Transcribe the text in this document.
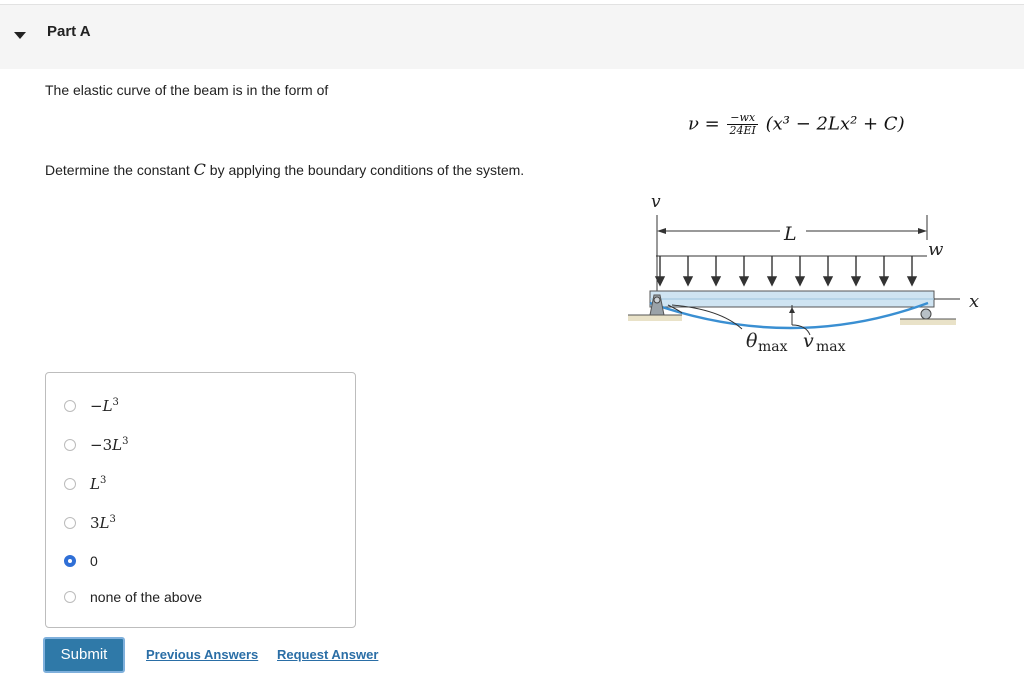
Part A
The elastic curve of the beam is in the form of
$\nu = \frac{-wx}{24EI} (x^3 - 2Lx^2 + C)$
Determine the constant C by applying the boundary conditions of the system.
v
L
w
x
θ max v max
$-L^3$
$-3L^3$
$L^3$
$3L^3$
0
none of the above
Submit	Previous Answers Request Answer
